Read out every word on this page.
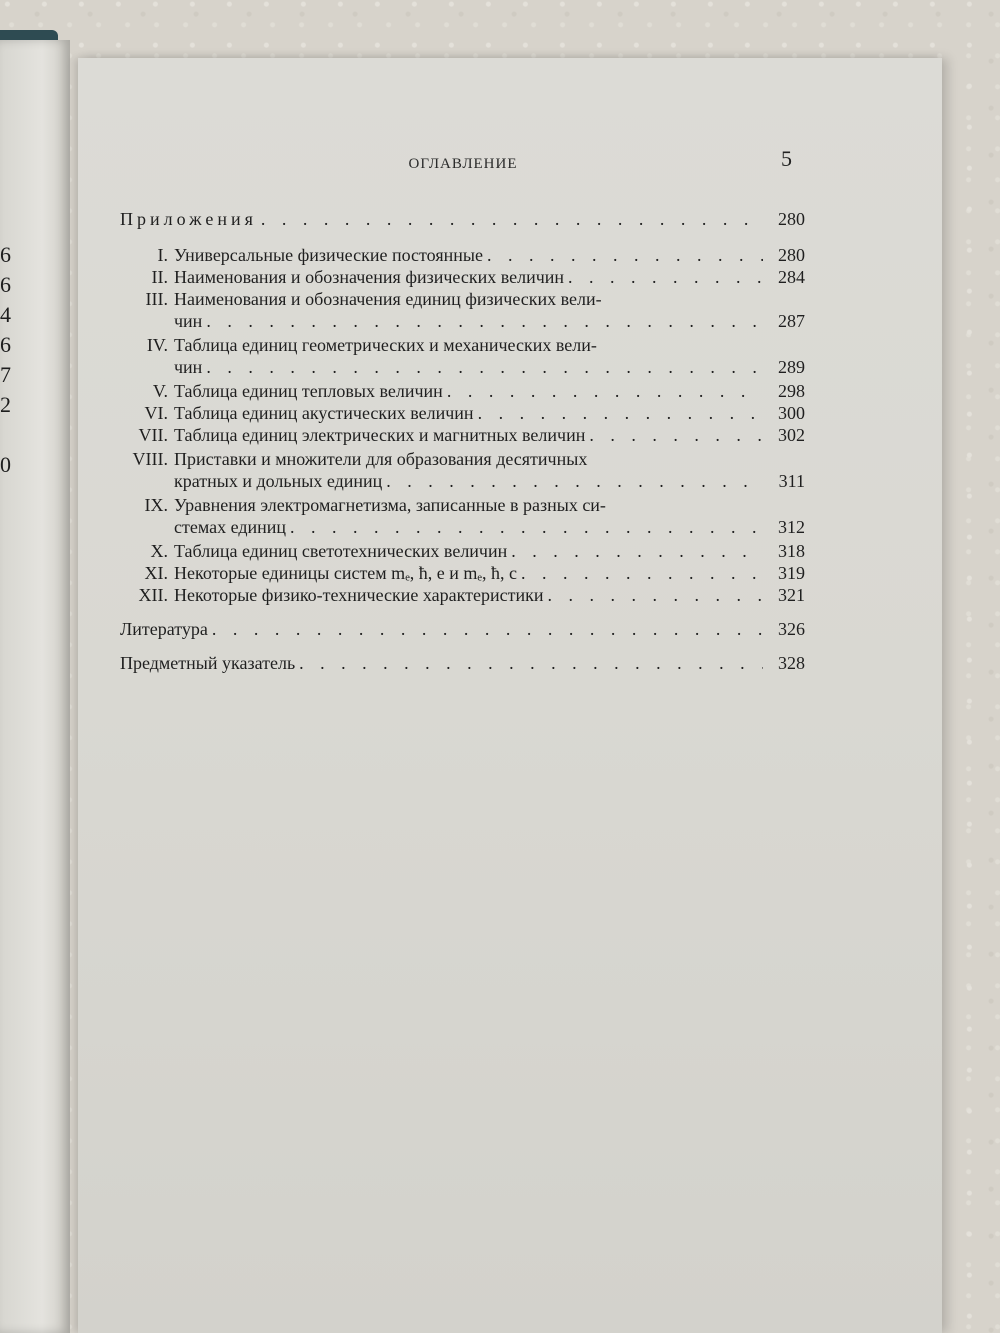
6
6
4
6
7
2
0
ОГЛАВЛЕНИЕ	5
Приложения . . .	280
I. Универсальные физические постоянные . . .	280
II. Наименования и обозначения физических величин . . .	284
III. Наименования и обозначения единиц физических вели-
чин . . .	287
IV. Таблица единиц геометрических и механических вели-
чин . . .	289
V. Таблица единиц тепловых величин . . .	298
VI. Таблица единиц акустических величин . . .	300
VII. Таблица единиц электрических и магнитных величин . . .	302
VIII. Приставки и множители для образования десятичных
кратных и дольных единиц . . .	311
IX. Уравнения электромагнетизма, записанные в разных си-
стемах единиц . . .	312
X. Таблица единиц светотехнических величин . . .	318
XI. Некоторые единицы систем mₑ, ħ, e и mₑ, ħ, c . . .	319
XII. Некоторые физико-технические характеристики . . .	321
Литература . . .	326
Предметный указатель . . .	328
